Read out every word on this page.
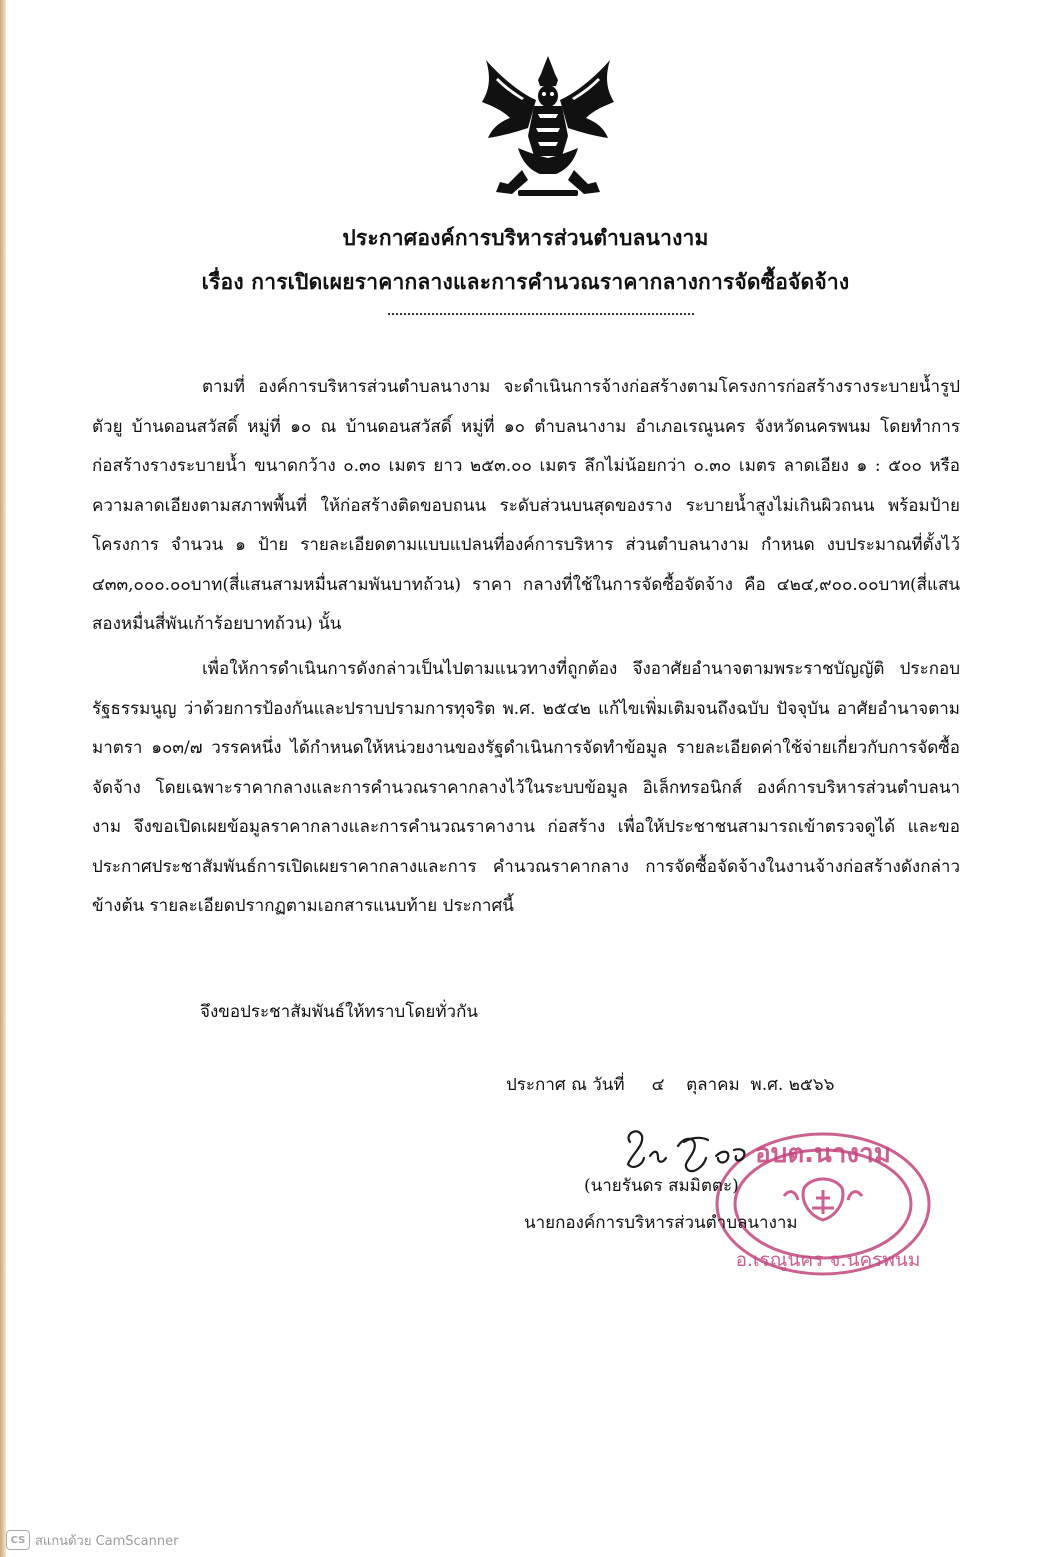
ประกาศองค์การบริหารส่วนตำบลนางาม
เรื่อง การเปิดเผยราคากลางและการคำนวณราคากลางการจัดซื้อจัดจ้าง

ตามที่ องค์การบริหารส่วนตำบลนางาม จะดำเนินการจ้างก่อสร้างตามโครงการก่อสร้างรางระบายน้ำรูปตัวยู บ้านดอนสวัสดิ์ หมู่ที่ ๑๐ ณ บ้านดอนสวัสดิ์ หมู่ที่ ๑๐ ตำบลนางาม อำเภอเรณูนคร จังหวัดนครพนม โดยทำการก่อสร้างรางระบายน้ำ ขนาดกว้าง ๐.๓๐ เมตร ยาว ๒๕๓.๐๐ เมตร ลึกไม่น้อยกว่า ๐.๓๐ เมตร ลาดเอียง ๑ : ๕๐๐ หรือความลาดเอียงตามสภาพพื้นที่ ให้ก่อสร้างติดขอบถนน ระดับส่วนบนสุดของราง ระบายน้ำสูงไม่เกินผิวถนน พร้อมป้ายโครงการ จำนวน ๑ ป้าย รายละเอียดตามแบบแปลนที่องค์การบริหาร ส่วนตำบลนางาม กำหนด งบประมาณที่ตั้งไว้ ๔๓๓,๐๐๐.๐๐บาท(สี่แสนสามหมื่นสามพันบาทถ้วน) ราคา กลางที่ใช้ในการจัดซื้อจัดจ้าง คือ ๔๒๔,๙๐๐.๐๐บาท(สี่แสนสองหมื่นสี่พันเก้าร้อยบาทถ้วน) นั้น

เพื่อให้การดำเนินการดังกล่าวเป็นไปตามแนวทางที่ถูกต้อง จึงอาศัยอำนาจตามพระราชบัญญัติ ประกอบรัฐธรรมนูญ ว่าด้วยการป้องกันและปราบปรามการทุจริต พ.ศ. ๒๕๔๒ แก้ไขเพิ่มเติมจนถึงฉบับ ปัจจุบัน อาศัยอำนาจตามมาตรา ๑๐๓/๗ วรรคหนึ่ง ได้กำหนดให้หน่วยงานของรัฐดำเนินการจัดทำข้อมูล รายละเอียดค่าใช้จ่ายเกี่ยวกับการจัดซื้อจัดจ้าง โดยเฉพาะราคากลางและการคำนวณราคากลางไว้ในระบบข้อมูล อิเล็กทรอนิกส์ องค์การบริหารส่วนตำบลนางาม จึงขอเปิดเผยข้อมูลราคากลางและการคำนวณราคางาน ก่อสร้าง เพื่อให้ประชาชนสามารถเข้าตรวจดูได้ และขอประกาศประชาสัมพันธ์การเปิดเผยราคากลางและการ คำนวณราคากลาง การจัดซื้อจัดจ้างในงานจ้างก่อสร้างดังกล่าวข้างต้น รายละเอียดปรากฏตามเอกสารแนบท้าย ประกาศนี้

จึงขอประชาสัมพันธ์ให้ทราบโดยทั่วกัน

ประกาศ ณ วันที่     ๔    ตุลาคม  พ.ศ. ๒๕๖๖
อบต.นางาม
อ.เรณูนคร จ.นครพนม
(นายรันดร สมมิตตะ)
นายกองค์การบริหารส่วนตำบลนางาม
CS สแกนด้วย CamScanner
